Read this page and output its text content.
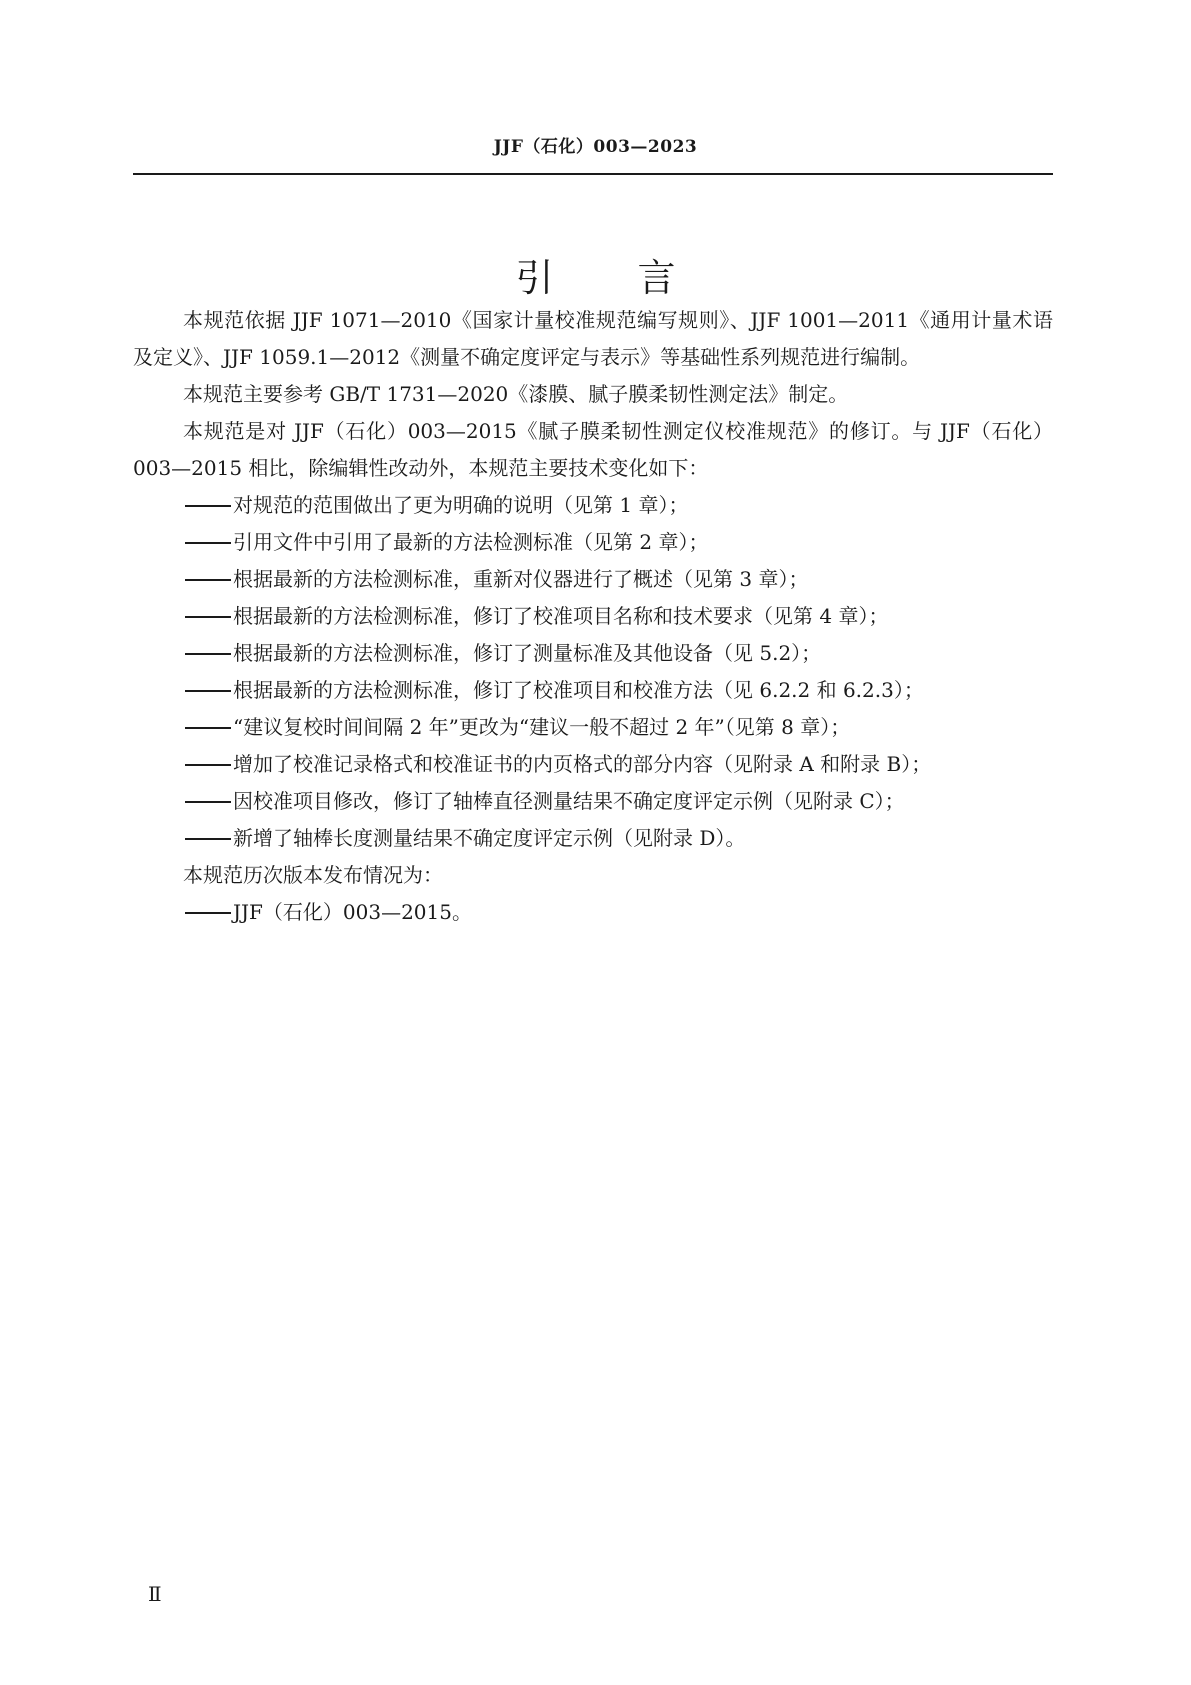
JJF（石化）003—2023
引言

本规范依据 JJF 1071—2010《国家计量校准规范编写规则》、JJF 1001—2011《通用计量术语及定义》、JJF 1059.1—2012《测量不确定度评定与表示》等基础性系列规范进行编制。

本规范主要参考 GB/T 1731—2020《漆膜、腻子膜柔韧性测定法》制定。

本规范是对 JJF（石化）003—2015《腻子膜柔韧性测定仪校准规范》的修订。与 JJF（石化）003—2015 相比，除编辑性改动外，本规范主要技术变化如下：

对规范的范围做出了更为明确的说明（见第 1 章）；

引用文件中引用了最新的方法检测标准（见第 2 章）；

根据最新的方法检测标准，重新对仪器进行了概述（见第 3 章）；

根据最新的方法检测标准，修订了校准项目名称和技术要求（见第 4 章）；

根据最新的方法检测标准，修订了测量标准及其他设备（见 5.2）；

根据最新的方法检测标准，修订了校准项目和校准方法（见 6.2.2 和 6.2.3）；

“建议复校时间间隔 2 年”更改为“建议一般不超过 2 年”（见第 8 章）；

增加了校准记录格式和校准证书的内页格式的部分内容（见附录 A 和附录 B）；

因校准项目修改，修订了轴棒直径测量结果不确定度评定示例（见附录 C）；

新增了轴棒长度测量结果不确定度评定示例（见附录 D）。

本规范历次版本发布情况为：

JJF（石化）003—2015。

Ⅱ
